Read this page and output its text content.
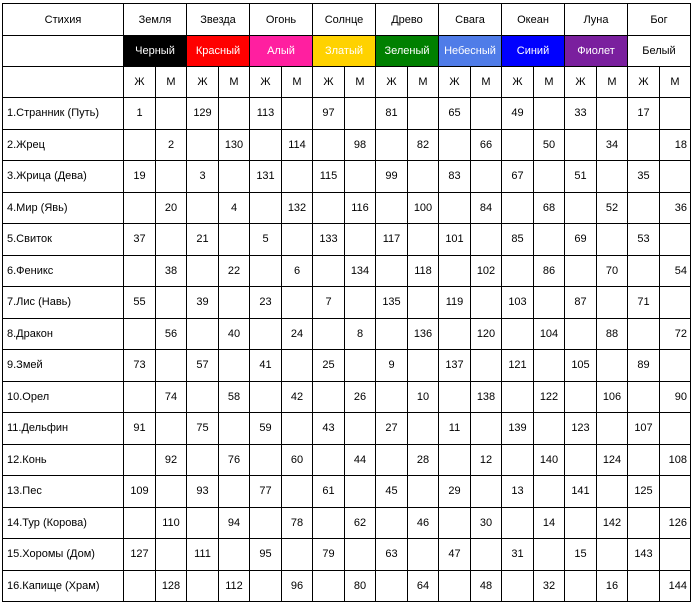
Стихия	Земля		Звезда		Огонь		Солнце		Древо		Свага		Океан		Луна		Бог	
	Черный		Красный		Алый		Златый		Зеленый		Небесный		Синий		Фиолет		Белый	
	Ж	М	Ж	М	Ж	М	Ж	М	Ж	М	Ж	М	Ж	М	Ж	М	Ж	М
1.Странник (Путь)	1		129		113		97		81		65		49		33		17	
2.Жрец		2		130		114		98		82		66		50		34		18
3.Жрица (Дева)	19		3		131		115		99		83		67		51		35	
4.Мир (Явь)		20		4		132		116		100		84		68		52		36
5.Свиток	37		21		5		133		117		101		85		69		53	
6.Феникс		38		22		6		134		118		102		86		70		54
7.Лис (Навь)	55		39		23		7		135		119		103		87		71	
8.Дракон		56		40		24		8		136		120		104		88		72
9.Змей	73		57		41		25		9		137		121		105		89	
10.Орел		74		58		42		26		10		138		122		106		90
11.Дельфин	91		75		59		43		27		11		139		123		107	
12.Конь		92		76		60		44		28		12		140		124		108
13.Пес	109		93		77		61		45		29		13		141		125	
14.Тур (Корова)		110		94		78		62		46		30		14		142		126
15.Хоромы (Дом)	127		111		95		79		63		47		31		15		143	
16.Капище (Храм)		128		112		96		80		64		48		32		16		144
